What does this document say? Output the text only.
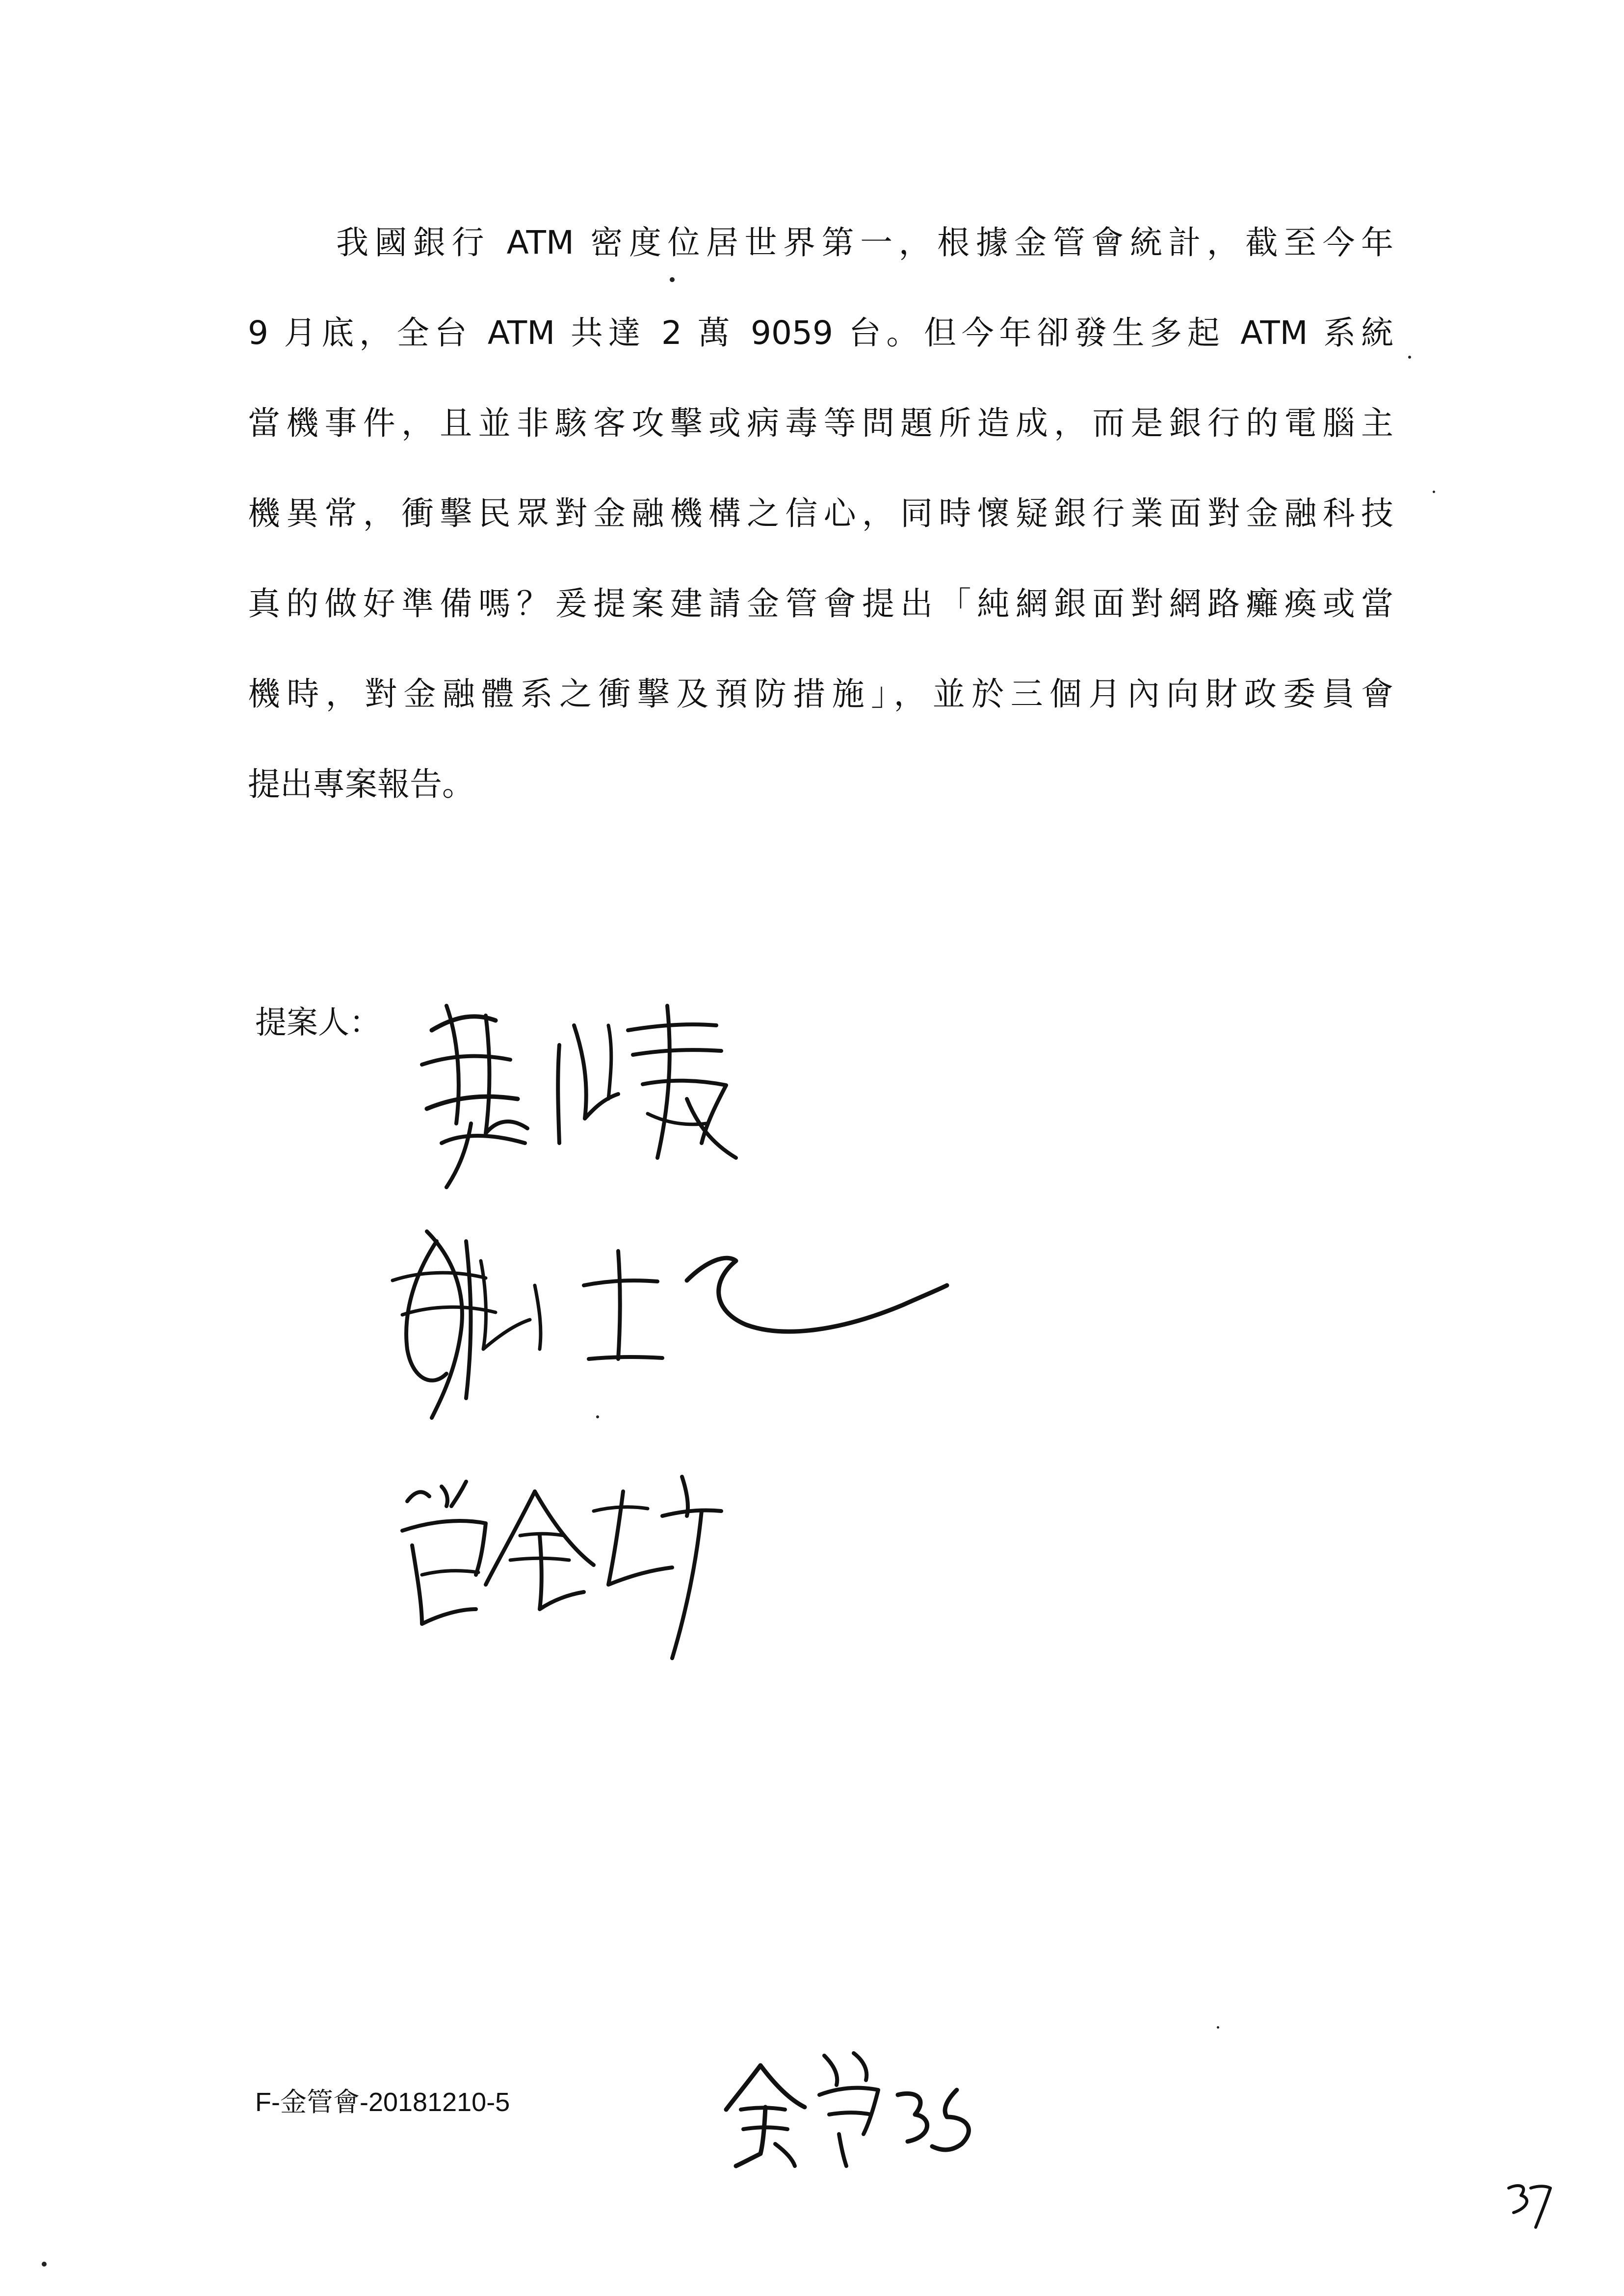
我國銀行 ATM 密度位居世界第一，根據金管會統計，截至今年
9 月底，全台 ATM 共達 2 萬 9059 台。但今年卻發生多起 ATM 系統
當機事件，且並非駭客攻擊或病毒等問題所造成，而是銀行的電腦主
機異常，衝擊民眾對金融機構之信心，同時懷疑銀行業面對金融科技
真的做好準備嗎？爰提案建請金管會提出「純網銀面對網路癱瘓或當
機時，對金融體系之衝擊及預防措施」，並於三個月內向財政委員會
提出專案報告。
提案人：
F-金管會-20181210-5
